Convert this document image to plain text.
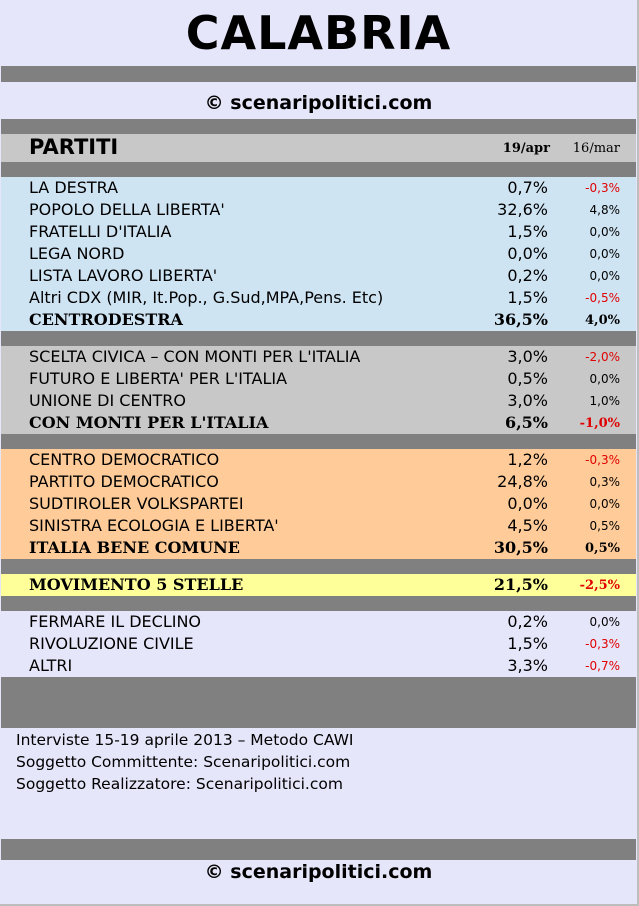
CALABRIA
© scenaripolitici.com
PARTITI	19/apr 16/mar
LA DESTRA	0,7%	-0,3%
POPOLO DELLA LIBERTA'	32,6%	4,8%
FRATELLI D'ITALIA	1,5%	0,0%
LEGA NORD	0,0%	0,0%
LISTA LAVORO LIBERTA'	0,2%	0,0%
Altri CDX (MIR, It.Pop., G.Sud,MPA,Pens. Etc)	1,5%	-0,5%
CENTRODESTRA	36,5%	4,0%
SCELTA CIVICA – CON MONTI PER L'ITALIA	3,0%	-2,0%
FUTURO E LIBERTA' PER L'ITALIA	0,5%	0,0%
UNIONE DI CENTRO	3,0%	1,0%
CON MONTI PER L'ITALIA	6,5%	-1,0%
CENTRO DEMOCRATICO	1,2%	-0,3%
PARTITO DEMOCRATICO	24,8%	0,3%
SUDTIROLER VOLKSPARTEI	0,0%	0,0%
SINISTRA ECOLOGIA E LIBERTA'	4,5%	0,5%
ITALIA BENE COMUNE	30,5%	0,5%
MOVIMENTO 5 STELLE	21,5%	-2,5%
FERMARE IL DECLINO	0,2%	0,0%
RIVOLUZIONE CIVILE	1,5%	-0,3%
ALTRI	3,3%	-0,7%
Interviste 15-19 aprile 2013 – Metodo CAWI
Soggetto Committente: Scenaripolitici.com
Soggetto Realizzatore: Scenaripolitici.com
© scenaripolitici.com
